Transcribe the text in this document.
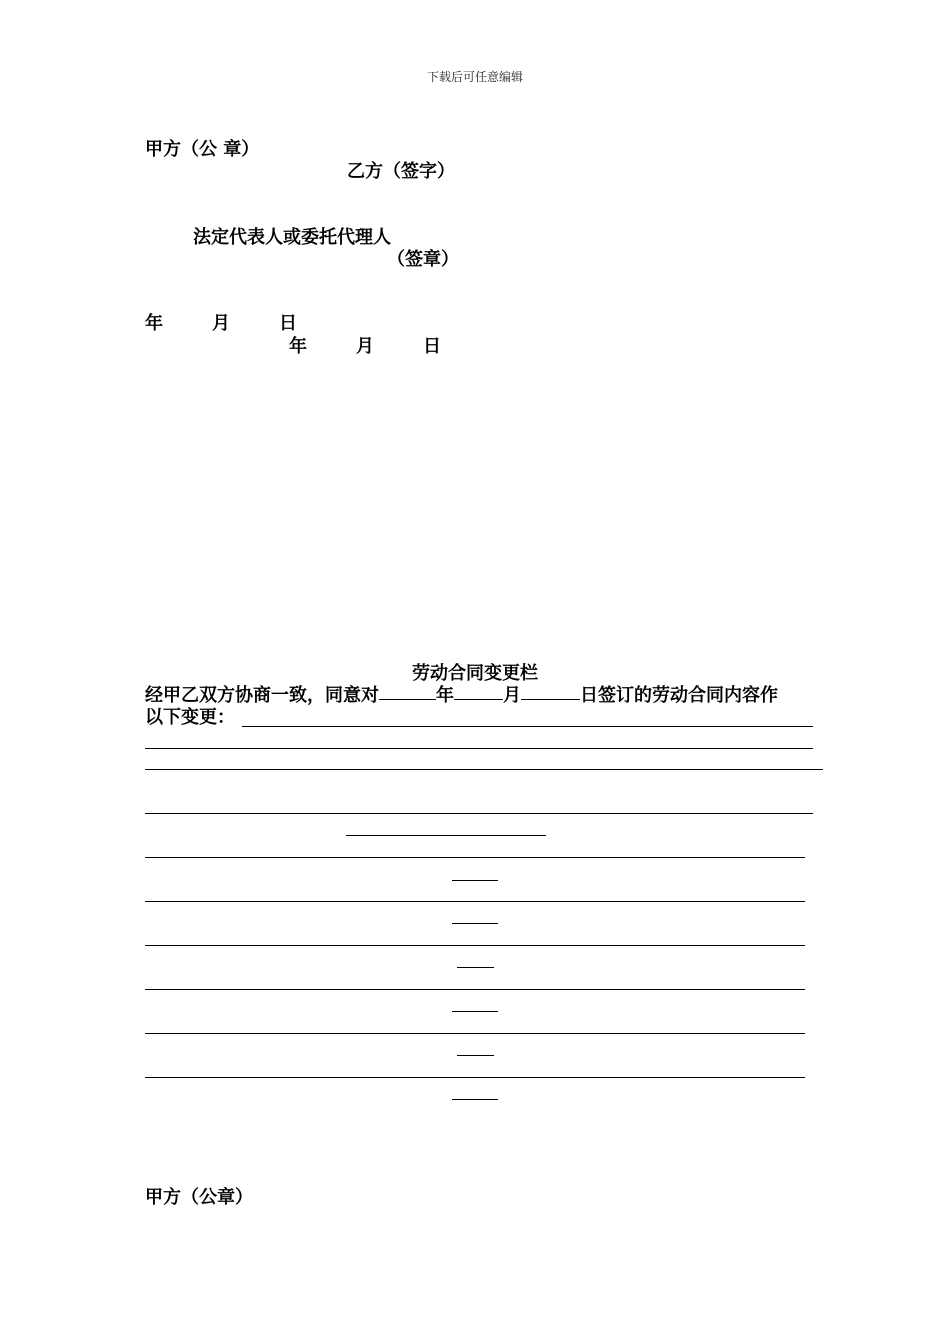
下载后可任意编辑
甲方（公 章）
乙方（签字）
法定代表人或委托代理人
（签章）
年	月	日
年	月	日
劳动合同变更栏
经甲乙双方协商一致，同意对	年	月	日签订的劳动合同内容作
以下变更：
甲方（公章）
